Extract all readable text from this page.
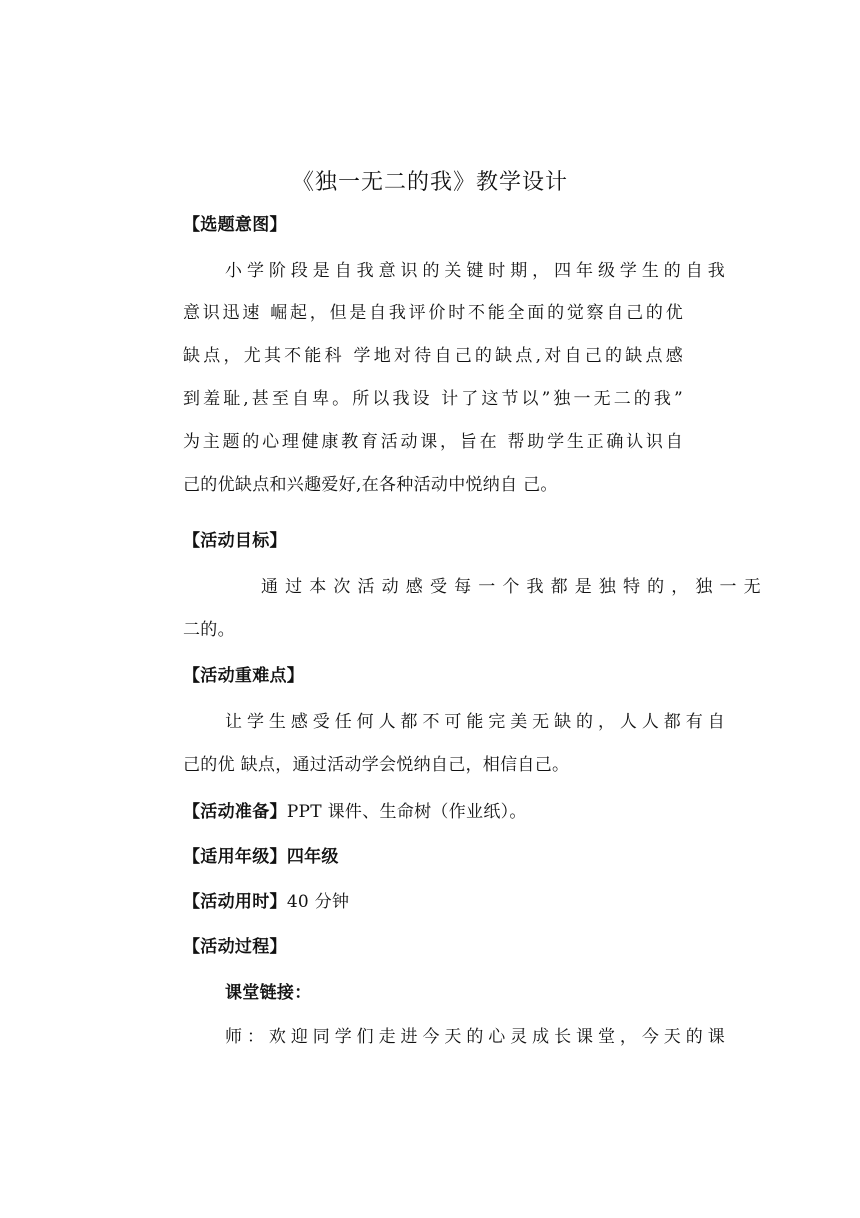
《独一无二的我》教学设计
【选题意图】
小学阶段是自我意识的关键时期，四年级学生的自我
意识迅速 崛起，但是自我评价时不能全面的觉察自己的优
缺点，尤其不能科 学地对待自己的缺点,对自己的缺点感
到羞耻,甚至自卑。所以我设 计了这节以”独一无二的我”
为主题的心理健康教育活动课，旨在 帮助学生正确认识自
己的优缺点和兴趣爱好,在各种活动中悦纳自 己。
【活动目标】
通过本次活动感受每一个我都是独特的，独一无
二的。
【活动重难点】
让学生感受任何人都不可能完美无缺的，人人都有自
己的优 缺点，通过活动学会悦纳自己，相信自己。
【活动准备】PPT 课件、生命树（作业纸）。
【适用年级】四年级
【活动用时】40 分钟
【活动过程】
课堂链接：
师：欢迎同学们走进今天的心灵成长课堂，今天的课
